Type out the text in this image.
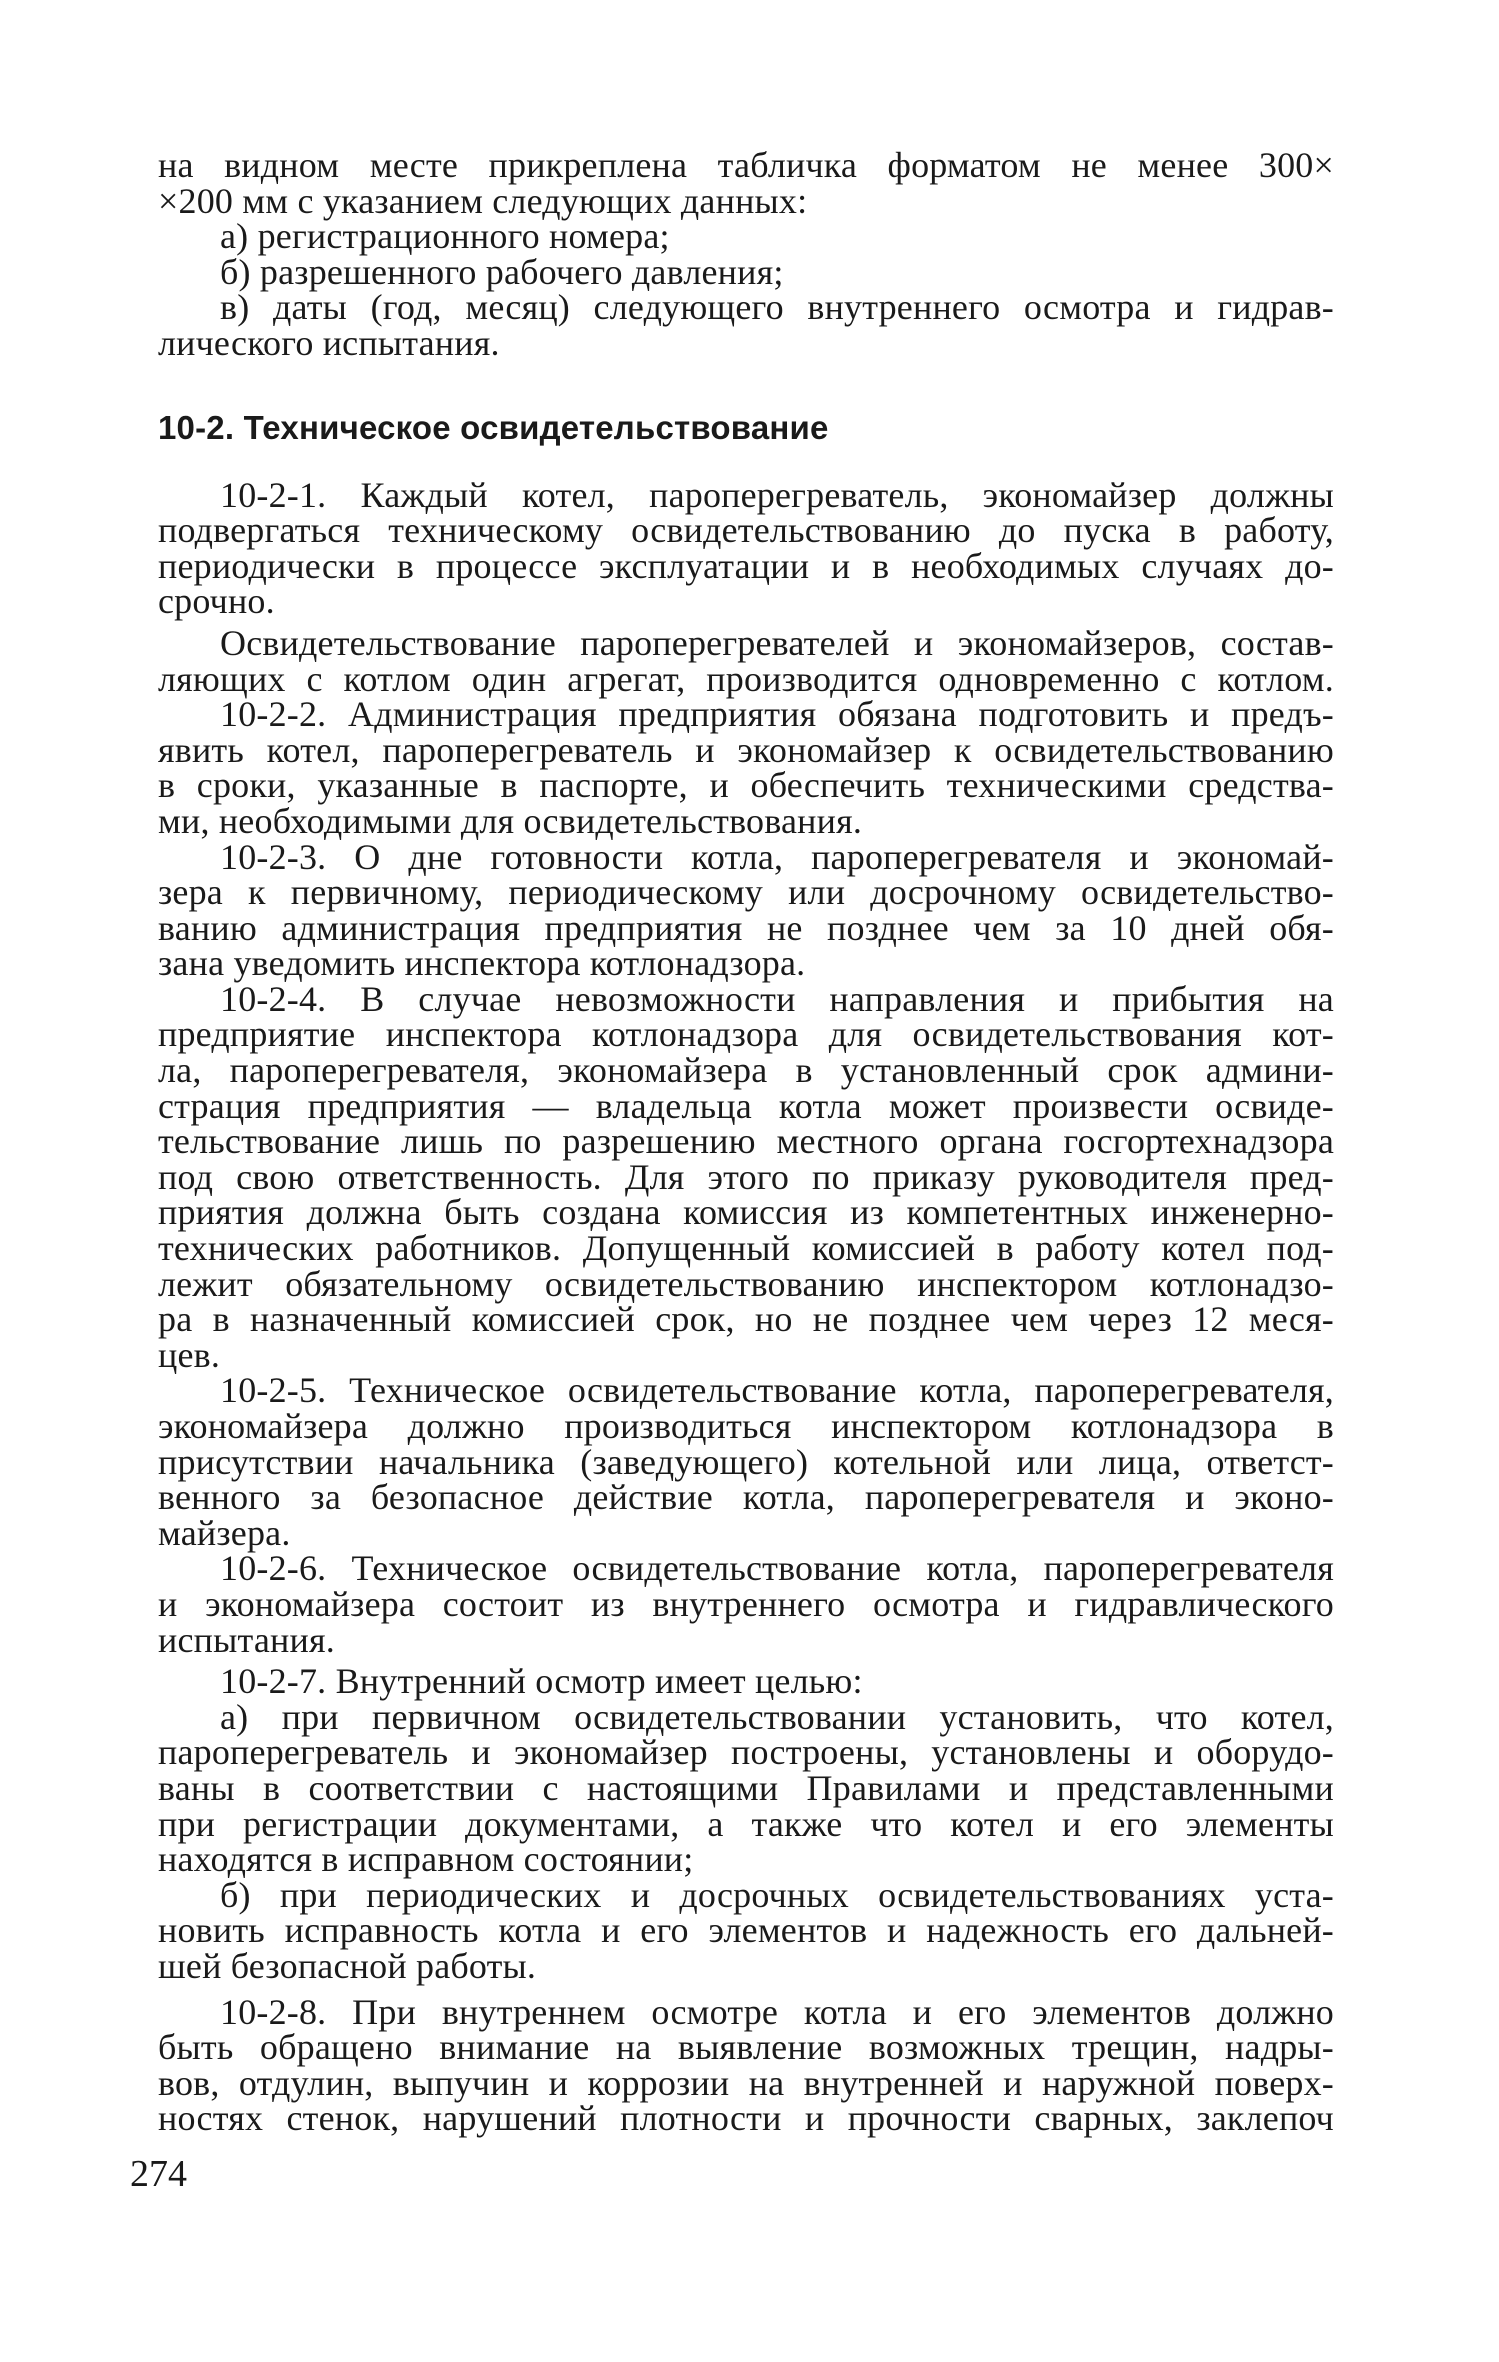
на видном месте прикреплена табличка форматом не менее 300×
×200 мм с указанием следующих данных:
а) регистрационного номера;
б) разрешенного рабочего давления;
в) даты (год, месяц) следующего внутреннего осмотра и гидрав-
лического испытания.
10-2. Техническое освидетельствование
10-2-1. Каждый котел, пароперегреватель, экономайзер должны
подвергаться техническому освидетельствованию до пуска в работу,
периодически в процессе эксплуатации и в необходимых случаях до-
срочно.
Освидетельствование пароперегревателей и экономайзеров, состав-
ляющих с котлом один агрегат, производится одновременно с котлом.
10-2-2. Администрация предприятия обязана подготовить и предъ-
явить котел, пароперегреватель и экономайзер к освидетельствованию
в сроки, указанные в паспорте, и обеспечить техническими средства-
ми, необходимыми для освидетельствования.
10-2-3. О дне готовности котла, пароперегревателя и экономай-
зера к первичному, периодическому или досрочному освидетельство-
ванию администрация предприятия не позднее чем за 10 дней обя-
зана уведомить инспектора котлонадзора.
10-2-4. В случае невозможности направления и прибытия на
предприятие инспектора котлонадзора для освидетельствования кот-
ла, пароперегревателя, экономайзера в установленный срок админи-
страция предприятия — владельца котла может произвести освиде-
тельствование лишь по разрешению местного органа госгортехнадзора
под свою ответственность. Для этого по приказу руководителя пред-
приятия должна быть создана комиссия из компетентных инженерно-
технических работников. Допущенный комиссией в работу котел под-
лежит обязательному освидетельствованию инспектором котлонадзо-
ра в назначенный комиссией срок, но не позднее чем через 12 меся-
цев.
10-2-5. Техническое освидетельствование котла, пароперегревателя,
экономайзера должно производиться инспектором котлонадзора в
присутствии начальника (заведующего) котельной или лица, ответст-
венного за безопасное действие котла, пароперегревателя и эконо-
майзера.
10-2-6. Техническое освидетельствование котла, пароперегревателя
и экономайзера состоит из внутреннего осмотра и гидравлического
испытания.
10-2-7. Внутренний осмотр имеет целью:
а) при первичном освидетельствовании установить, что котел,
пароперегреватель и экономайзер построены, установлены и оборудо-
ваны в соответствии с настоящими Правилами и представленными
при регистрации документами, а также что котел и его элементы
находятся в исправном состоянии;
б) при периодических и досрочных освидетельствованиях уста-
новить исправность котла и его элементов и надежность его дальней-
шей безопасной работы.
10-2-8. При внутреннем осмотре котла и его элементов должно
быть обращено внимание на выявление возможных трещин, надры-
вов, отдулин, выпучин и коррозии на внутренней и наружной поверх-
ностях стенок, нарушений плотности и прочности сварных, заклепоч
274
